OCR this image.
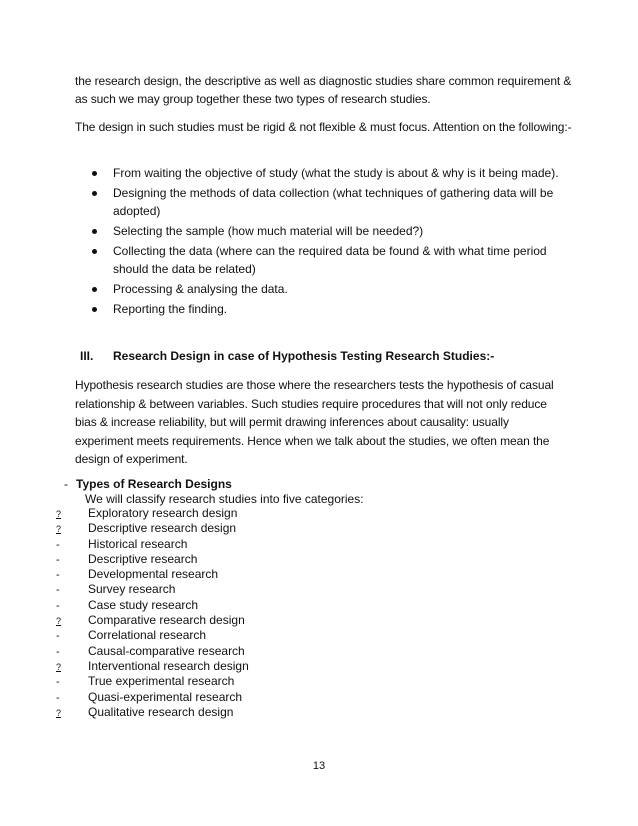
the research design, the descriptive as well as diagnostic studies share common requirement & as such we may group together these two types of research studies.

The design in such studies must be rigid & not flexible & must focus. Attention on the following:-

From waiting the objective of study (what the study is about & why is it being made).
Designing the methods of data collection (what techniques of gathering data will be adopted)
Selecting the sample (how much material will be needed?)
Collecting the data (where can the required data be found & with what time period should the data be related)
Processing & analysing the data.
Reporting the finding.
III. Research Design in case of Hypothesis Testing Research Studies:-

Hypothesis research studies are those where the researchers tests the hypothesis of casual relationship & between variables. Such studies require procedures that will not only reduce bias & increase reliability, but will permit drawing inferences about causality: usually experiment meets requirements. Hence when we talk about the studies, we often mean the design of experiment.

- Types of Research Designs
We will classify research studies into five categories:
? Exploratory research design
? Descriptive research design
- Historical research
- Descriptive research
- Developmental research
- Survey research
- Case study research
? Comparative research design
- Correlational research
- Causal-comparative research
? Interventional research design
- True experimental research
- Quasi-experimental research
? Qualitative research design
13
